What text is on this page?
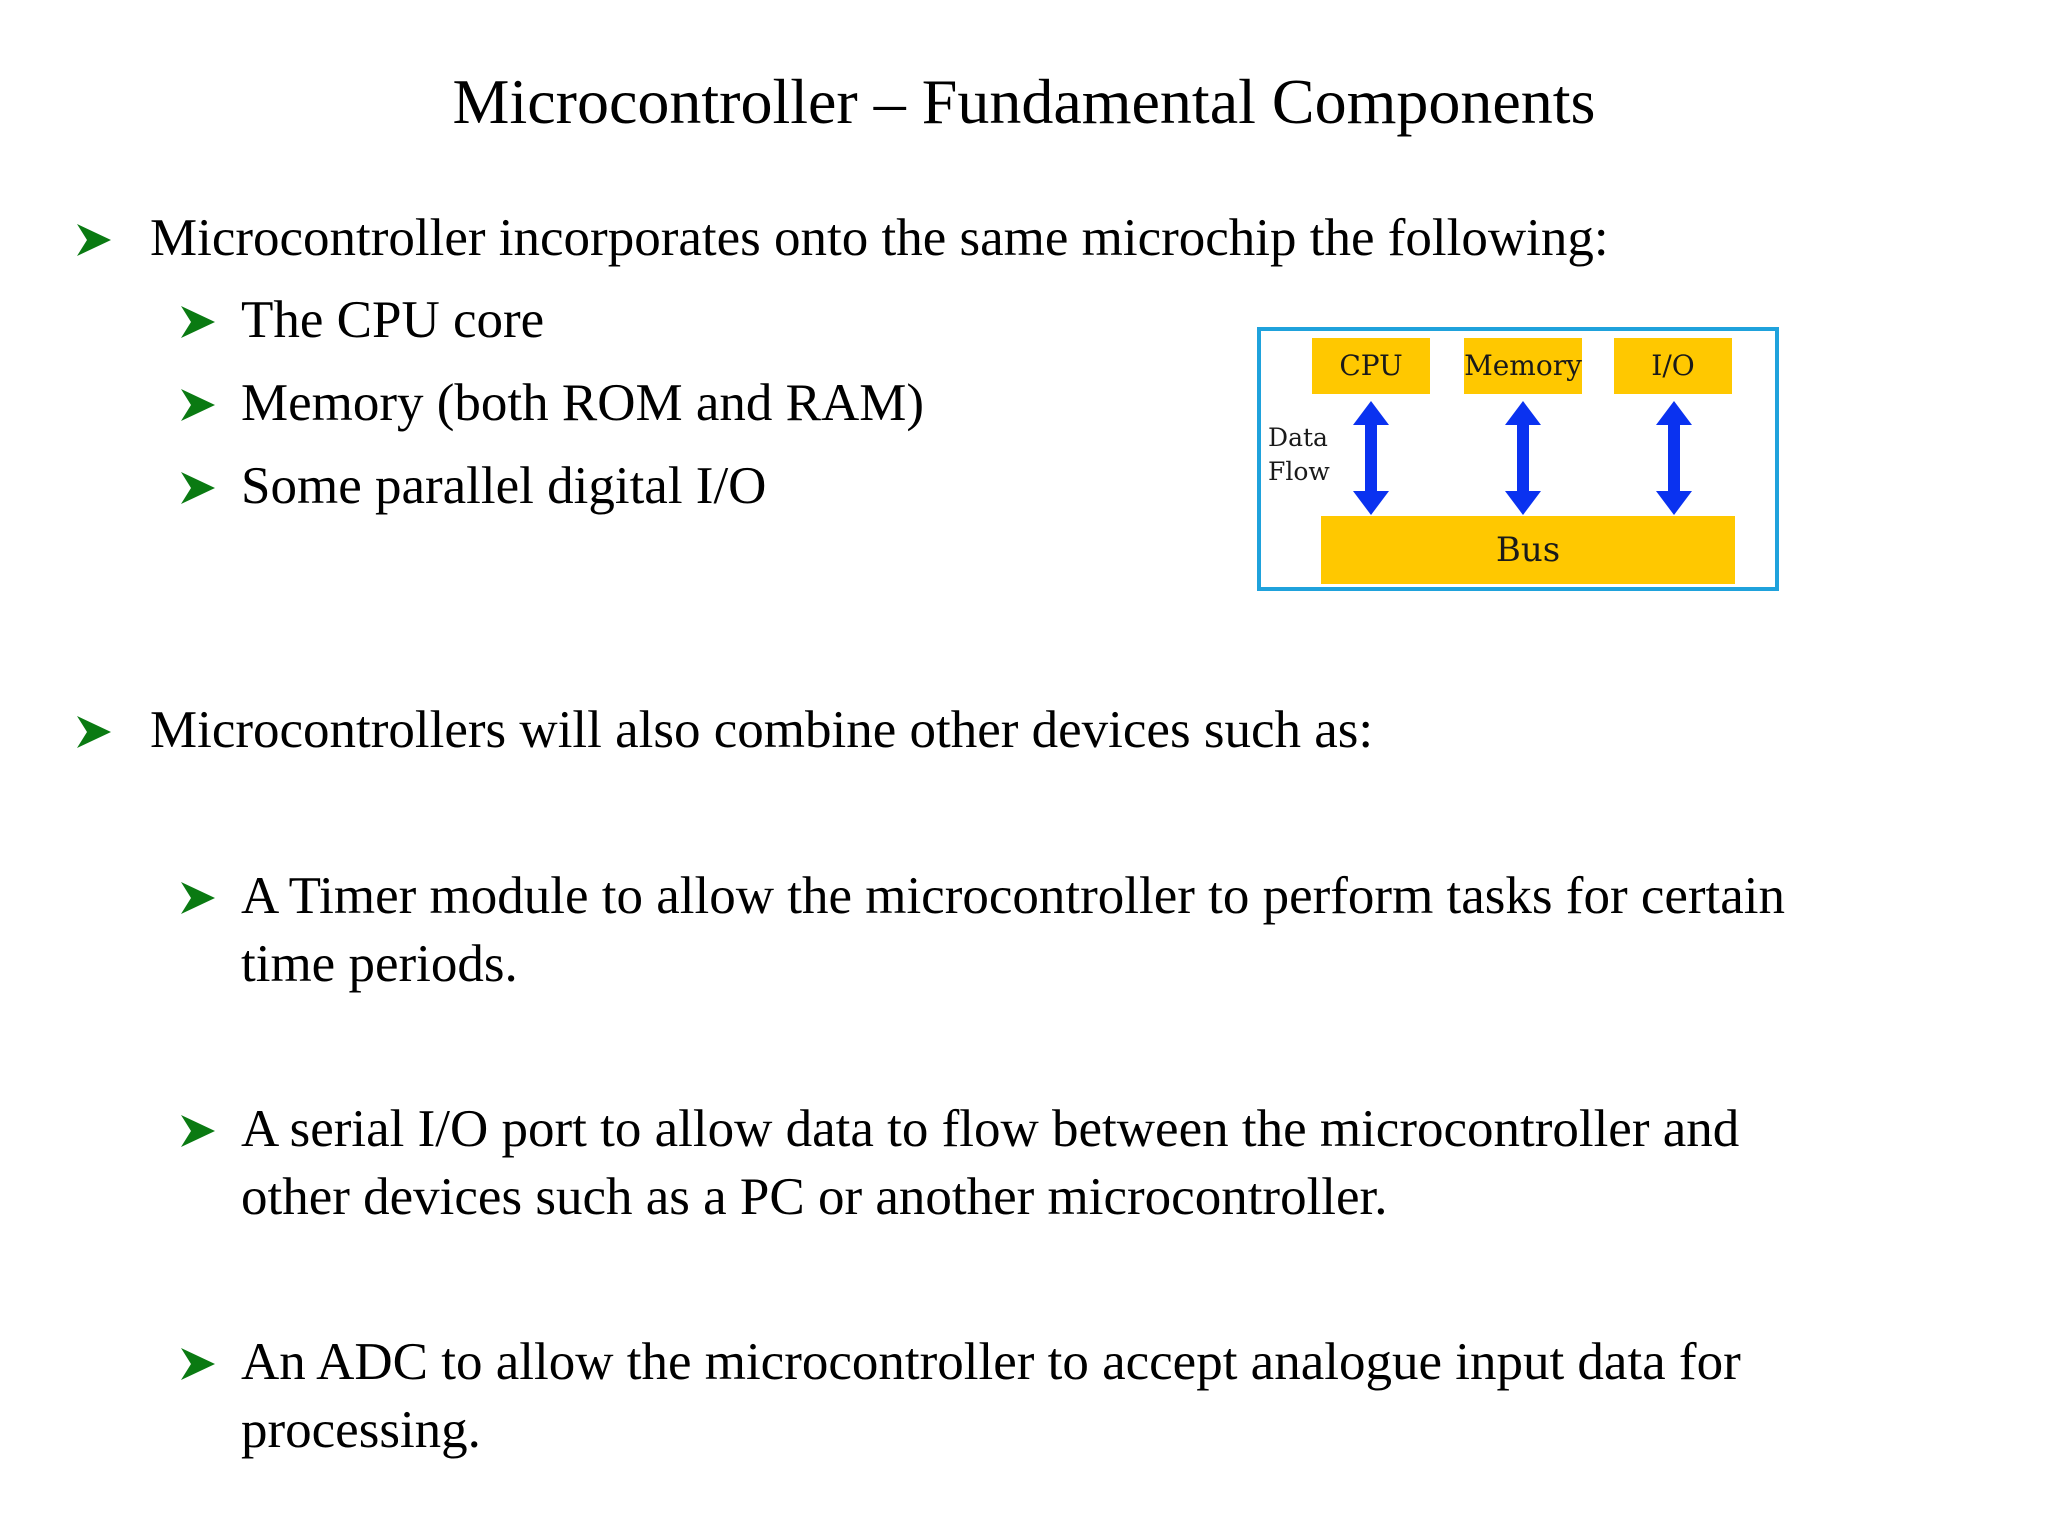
Microcontroller – Fundamental Components
Microcontroller incorporates onto the same microchip the following:
The CPU core
Memory (both ROM and RAM)
Some parallel digital I/O
CPU	Memory	I/O
Data
Flow
Bus
Microcontrollers will also combine other devices such as:
A Timer module to allow the microcontroller to perform tasks for certain
time periods.
A serial I/O port to allow data to flow between the microcontroller and
other devices such as a PC or another microcontroller.
An ADC to allow the microcontroller to accept analogue input data for
processing.
